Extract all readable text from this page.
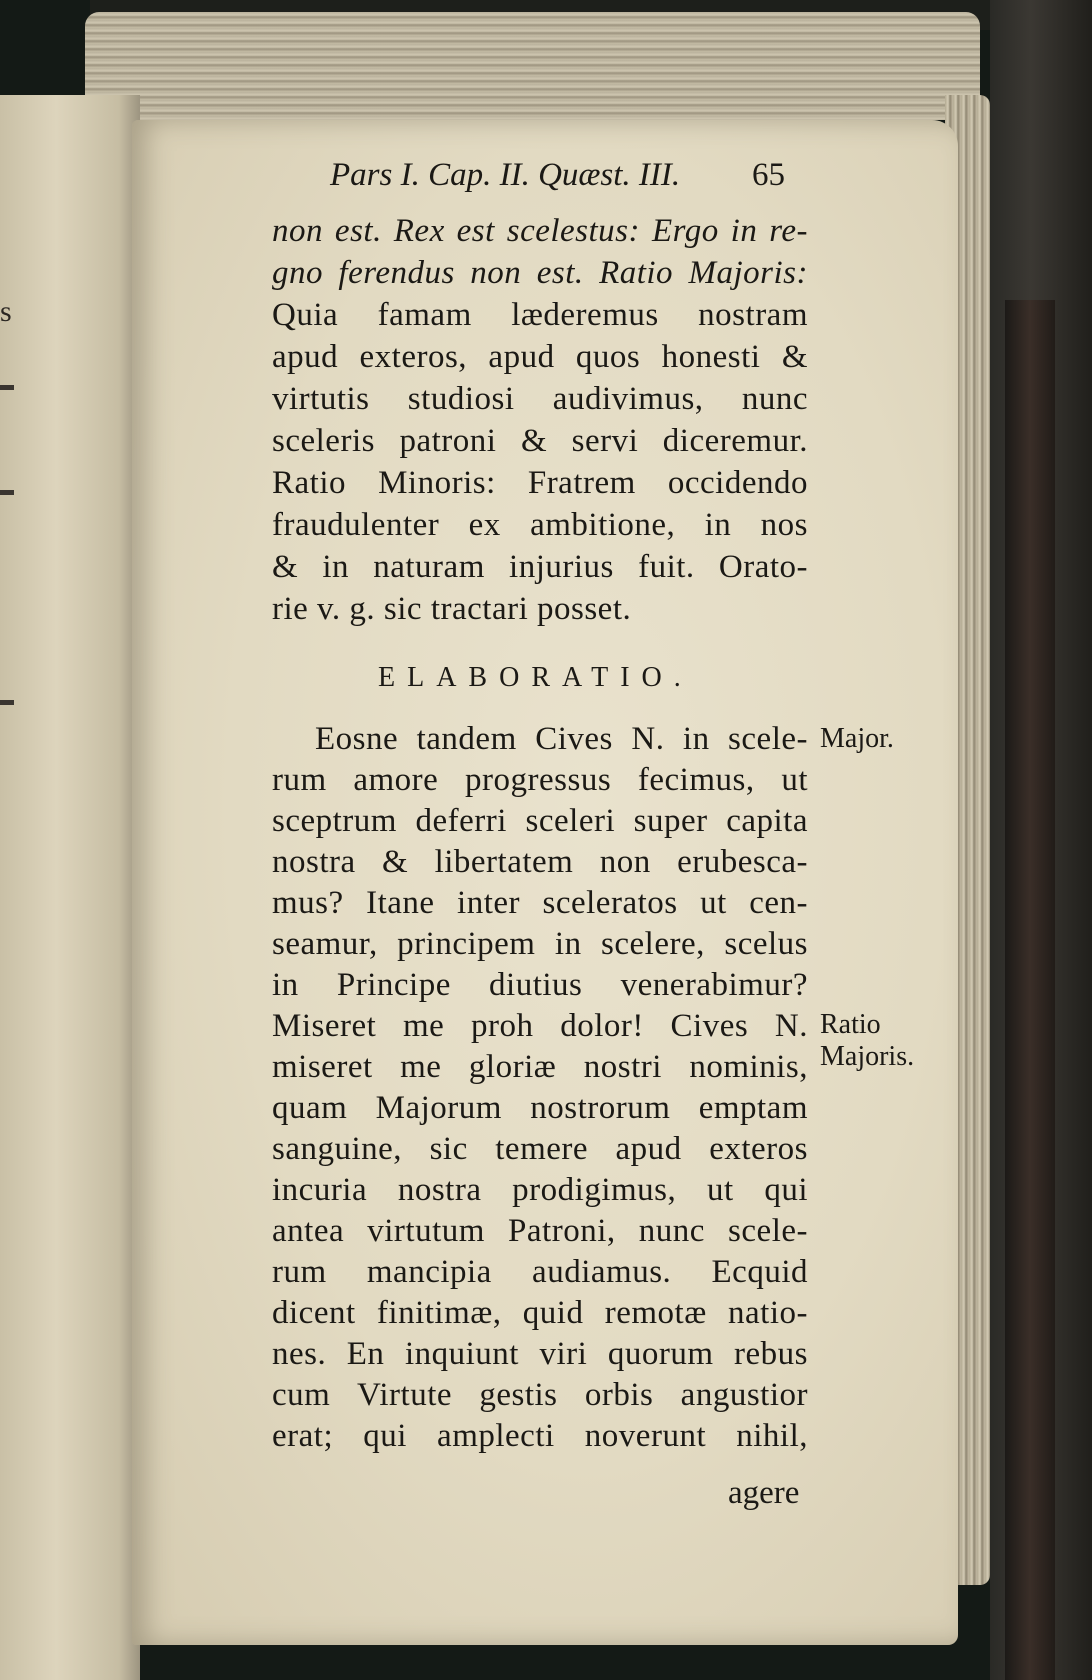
s
Pars I. Cap. II. Quæst. III. 65
non est. Rex est scelestus: Ergo in re-
gno ferendus non est. Ratio Majoris:
Quia famam læderemus nostram
apud exteros, apud quos honesti &
virtutis studiosi audivimus, nunc
sceleris patroni & servi diceremur.
Ratio Minoris: Fratrem occidendo
fraudulenter ex ambitione, in nos
& in naturam injurius fuit. Orato-
rie v. g. sic tractari posset.
ELABORATIO.
Eosne tandem Cives N. in scele-
rum amore progressus fecimus, ut
sceptrum deferri sceleri super capita
nostra & libertatem non erubesca-
mus? Itane inter sceleratos ut cen-
seamur, principem in scelere, scelus
in Principe diutius venerabimur?
Miseret me proh dolor! Cives N.
miseret me gloriæ nostri nominis,
quam Majorum nostrorum emptam
sanguine, sic temere apud exteros
incuria nostra prodigimus, ut qui
antea virtutum Patroni, nunc scele-
rum mancipia audiamus. Ecquid
dicent finitimæ, quid remotæ natio-
nes. En inquiunt viri quorum rebus
cum Virtute gestis orbis angustior
erat; qui amplecti noverunt nihil,
agere
Major.
Ratio
Majoris.
